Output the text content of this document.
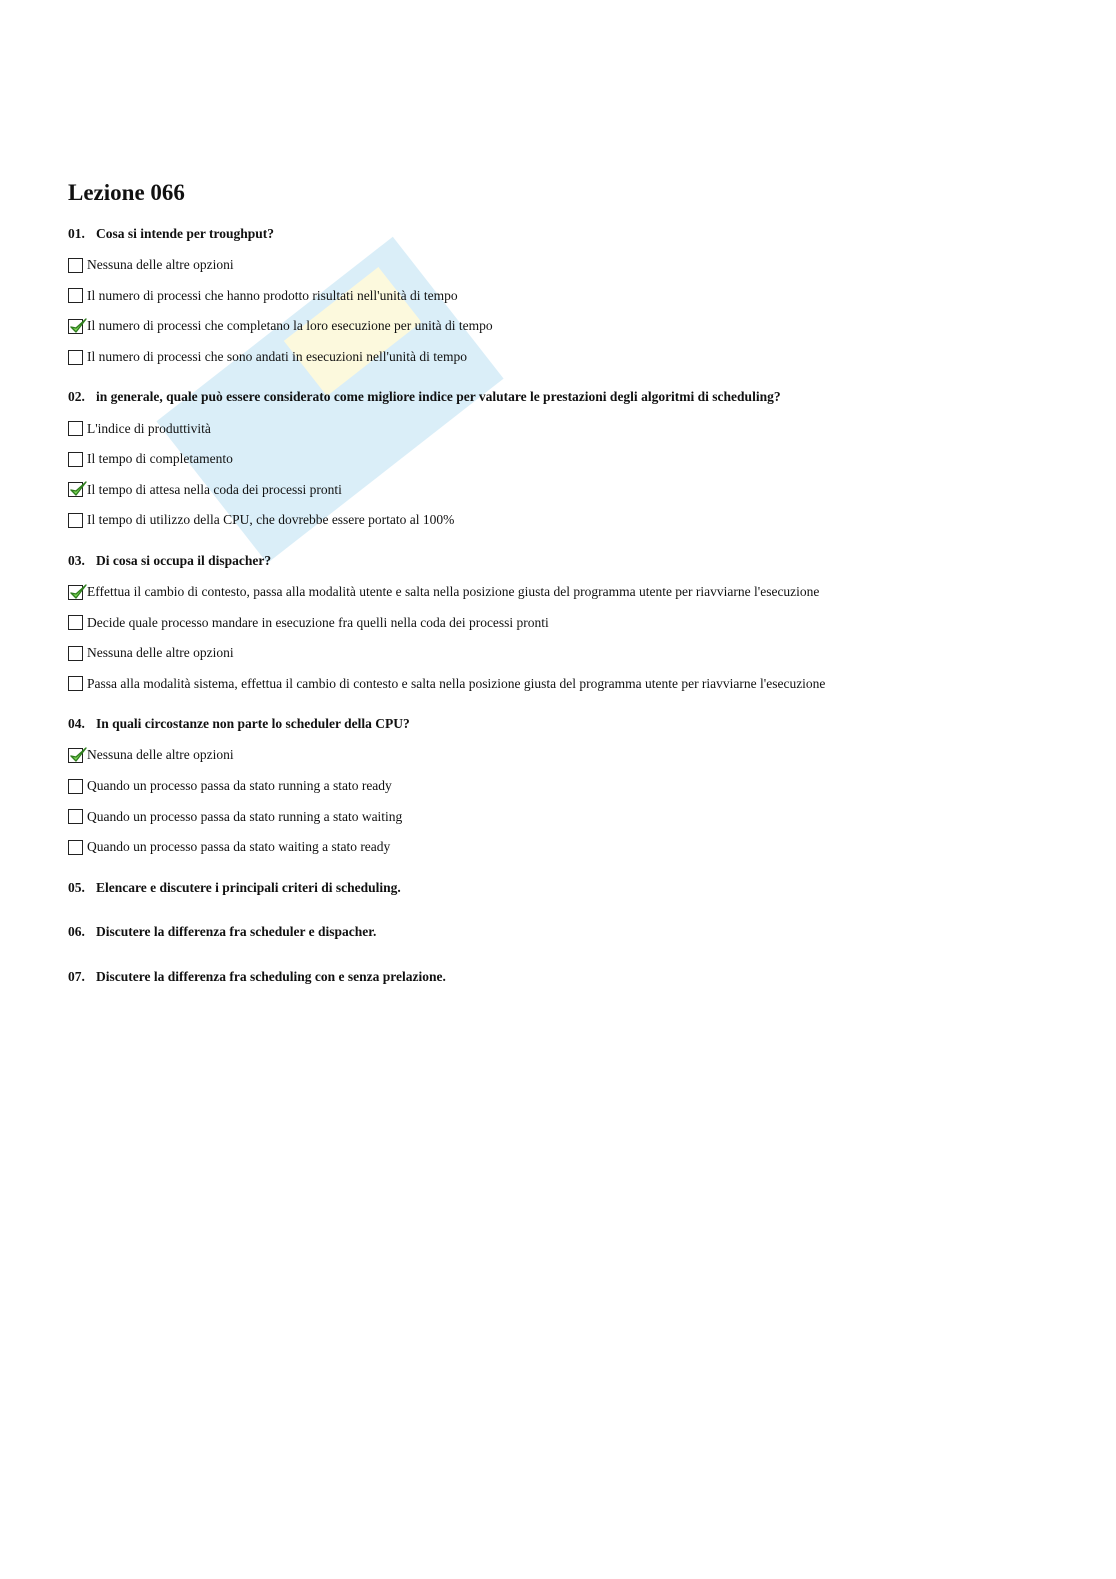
Lezione 066
01. Cosa si intende per troughput?
Nessuna delle altre opzioni
Il numero di processi che hanno prodotto risultati nell'unità di tempo
Il numero di processi che completano la loro esecuzione per unità di tempo
Il numero di processi che sono andati in esecuzioni nell'unità di tempo
02. in generale, quale può essere considerato come migliore indice per valutare le prestazioni degli algoritmi di scheduling?
L'indice di produttività
Il tempo di completamento
Il tempo di attesa nella coda dei processi pronti
Il tempo di utilizzo della CPU, che dovrebbe essere portato al 100%
03. Di cosa si occupa il dispacher?
Effettua il cambio di contesto, passa alla modalità utente e salta nella posizione giusta del programma utente per riavviarne l'esecuzione
Decide quale processo mandare in esecuzione fra quelli nella coda dei processi pronti
Nessuna delle altre opzioni
Passa alla modalità sistema, effettua il cambio di contesto e salta nella posizione giusta del programma utente per riavviarne l'esecuzione
04. In quali circostanze non parte lo scheduler della CPU?
Nessuna delle altre opzioni
Quando un processo passa da stato running a stato ready
Quando un processo passa da stato running a stato waiting
Quando un processo passa da stato waiting a stato ready
05. Elencare e discutere i principali criteri di scheduling.
06. Discutere la differenza fra scheduler e dispacher.
07. Discutere la differenza fra scheduling con e senza prelazione.
